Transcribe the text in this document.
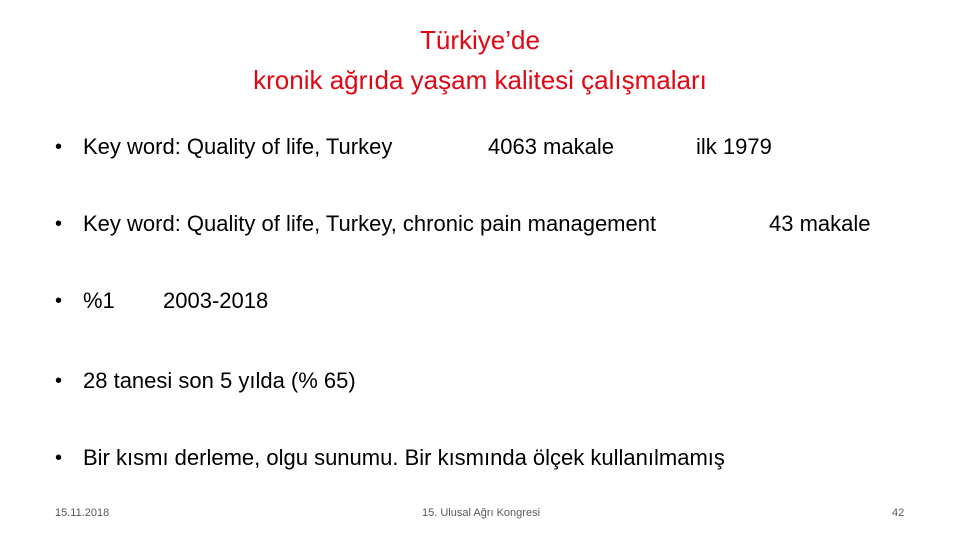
Türkiye’de
kronik ağrıda yaşam kalitesi çalışmaları
• Key word: Quality of life, Turkey	4063 makale	ilk 1979
• Key word: Quality of life, Turkey, chronic pain management	43 makale
• %1 2003-2018
• 28 tanesi son 5 yılda (% 65)
• Bir kısmı derleme, olgu sunumu. Bir kısmında ölçek kullanılmamış
15.11.2018	15. Ulusal Ağrı Kongresi	42
